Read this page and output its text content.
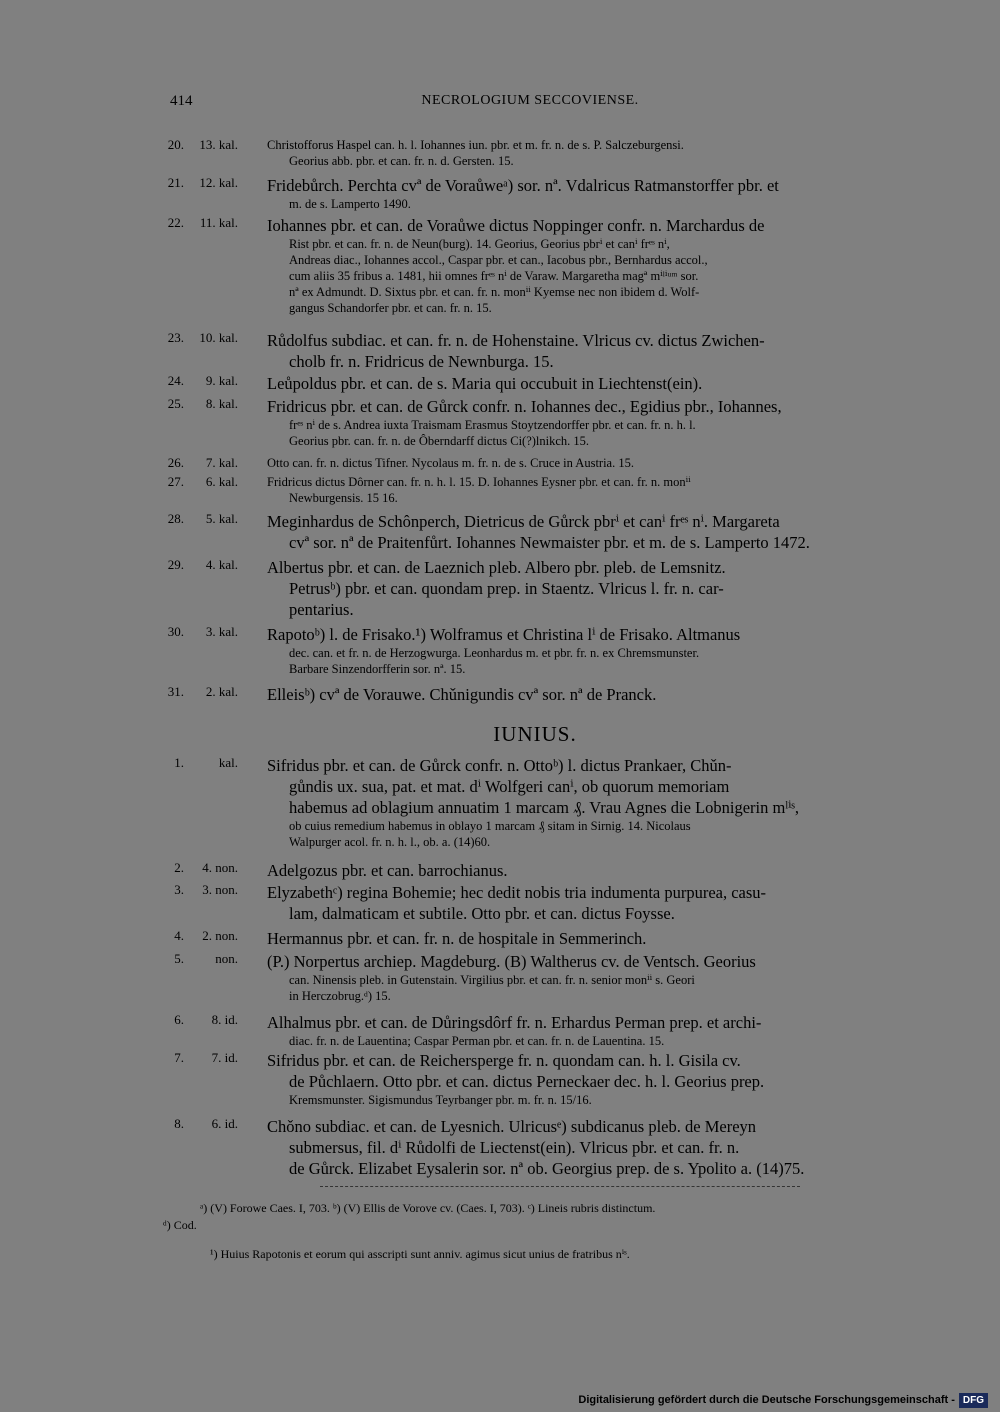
414	NECROLOGIUM SECCOVIENSE.
20.	13. kal. Christofforus Haspel can. h. l. Iohannes iun. pbr. et m. fr. n. de s. P. Salczeburgensi.
Georius abb. pbr. et can. fr. n. d. Gersten. 15.
21.	12. kal. Fridebůrch. Perchta cvª de Voraůweᵃ) sor. nª. Vdalricus Ratmanstorffer pbr. et
m. de s. Lamperto 1490.
22.	11. kal. Iohannes pbr. et can. de Voraůwe dictus Noppinger confr. n. Marchardus de
Rist pbr. et can. fr. n. de Neun(burg). 14. Georius, Georius pbrⁱ et canⁱ frᵉˢ nⁱ,
Andreas diac., Iohannes accol., Caspar pbr. et can., Iacobus pbr., Bernhardus accol.,
cum aliis 35 fribus a. 1481, hii omnes frᵉˢ nⁱ de Varaw. Margaretha magª mⁱˡⁱᵘᵐ sor.
nª ex Admundt. D. Sixtus pbr. et can. fr. n. monⁱⁱ Kyemse nec non ibidem d. Wolf-
gangus Schandorfer pbr. et can. fr. n. 15.
23.	10. kal. Růdolfus subdiac. et can. fr. n. de Hohenstaine. Vlricus cv. dictus Zwichen-
cholb fr. n. Fridricus de Newnburga. 15.
24.	9. kal. Leůpoldus pbr. et can. de s. Maria qui occubuit in Liechtenst(ein).
25.	8. kal. Fridricus pbr. et can. de Gůrck confr. n. Iohannes dec., Egidius pbr., Iohannes,
frᵉˢ nⁱ de s. Andrea iuxta Traismam Erasmus Stoytzendorffer pbr. et can. fr. n. h. l.
Georius pbr. can. fr. n. de Ôberndarff dictus Ci(?)lnikch. 15.
26.	7. kal. Otto can. fr. n. dictus Tifner. Nycolaus m. fr. n. de s. Cruce in Austria. 15.
27.	6. kal. Fridricus dictus Dôrner can. fr. n. h. l. 15. D. Iohannes Eysner pbr. et can. fr. n. monⁱⁱ
Newburgensis. 15 16.
28.	5. kal. Meginhardus de Schônperch, Dietricus de Gůrck pbrⁱ et canⁱ frᵉˢ nⁱ. Margareta
cvª sor. nª de Praitenfůrt. Iohannes Newmaister pbr. et m. de s. Lamperto 1472.
29.	4. kal. Albertus pbr. et can. de Laeznich pleb. Albero pbr. pleb. de Lemsnitz.
Petrusᵇ) pbr. et can. quondam prep. in Staentz. Vlricus l. fr. n. car-
pentarius.
30.	3. kal. Rapotoᵇ) l. de Frisako.¹) Wolframus et Christina lⁱ de Frisako. Altmanus
dec. can. et fr. n. de Herzogwurga. Leonhardus m. et pbr. fr. n. ex Chremsmunster.
Barbare Sinzendorfferin sor. nª. 15.
31.	2. kal. Elleisᵇ) cvª de Vorauwe. Chǔnigundis cvª sor. nª de Pranck.
1.	kal. Sifridus pbr. et can. de Gůrck confr. n. Ottoᵇ) l. dictus Prankaer, Chǔn-
gůndis ux. sua, pat. et mat. dⁱ Wolfgeri canⁱ, ob quorum memoriam
habemus ad oblagium annuatim 1 marcam ₰. Vrau Agnes die Lobnigerin mˡⁱˢ,
ob cuius remedium habemus in oblayo 1 marcam ₰ sitam in Sirnig. 14. Nicolaus
Walpurger acol. fr. n. h. l., ob. a. (14)60.
2.	4. non. Adelgozus pbr. et can. barrochianus.
3.	3. non. Elyzabethᶜ) regina Bohemie; hec dedit nobis tria indumenta purpurea, casu-
lam, dalmaticam et subtile. Otto pbr. et can. dictus Foysse.
4.	2. non. Hermannus pbr. et can. fr. n. de hospitale in Semmerinch.
5.	non. (P.) Norpertus archiep. Magdeburg. (B) Waltherus cv. de Ventsch. Georius
can. Ninensis pleb. in Gutenstain. Virgilius pbr. et can. fr. n. senior monⁱⁱ s. Geori
in Herczobrug.ᵈ) 15.
6.	8. id. Alhalmus pbr. et can. de Důringsdôrf fr. n. Erhardus Perman prep. et archi-
diac. fr. n. de Lauentina; Caspar Perman pbr. et can. fr. n. de Lauentina. 15.
7.	7. id. Sifridus pbr. et can. de Reichersperge fr. n. quondam can. h. l. Gisila cv.
de Půchlaern. Otto pbr. et can. dictus Perneckaer dec. h. l. Georius prep.
Kremsmunster. Sigismundus Teyrbanger pbr. m. fr. n. 15/16.
8.	6. id. Chǒno subdiac. et can. de Lyesnich. Ulricusᵉ) subdicanus pleb. de Mereyn
submersus, fil. dⁱ Růdolfi de Liectenst(ein). Vlricus pbr. et can. fr. n.
de Gůrck. Elizabet Eysalerin sor. nª ob. Georgius prep. de s. Ypolito a. (14)75.
IUNIUS.
ᵃ) (V) Forowe Caes. I, 703. ᵇ) (V) Ellis de Vorove cv. (Caes. I, 703). ᶜ) Lineis rubris distinctum.
ᵈ) Cod.
¹) Huius Rapotonis et eorum qui asscripti sunt anniv. agimus sicut unius de fratribus nⁱˢ.
Digitalisierung gefördert durch die Deutsche Forschungsgemeinschaft - DFG
